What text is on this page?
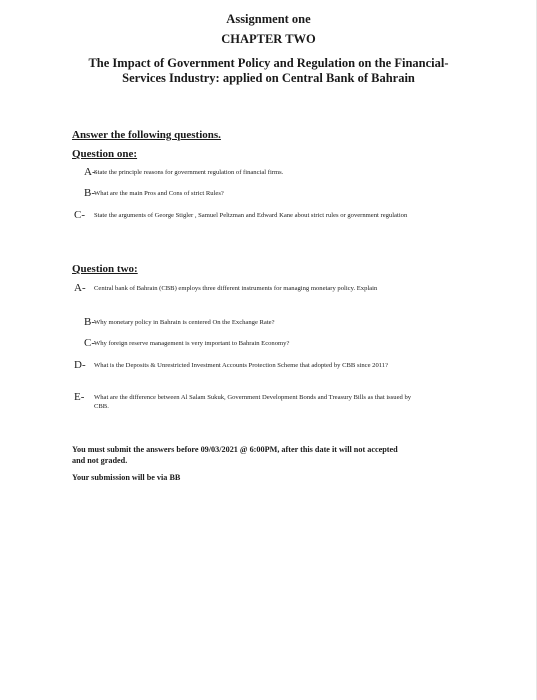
Assignment one
CHAPTER TWO
The Impact of Government Policy and Regulation on the Financial-Services Industry: applied on Central Bank of Bahrain
Answer the following questions.
Question one:
A-State the principle reasons for government regulation of financial firms.
B-What are the main Pros and Cons of strict Rules?
C- State the arguments of George Stigler , Samuel Peltzman and Edward Kane about strict rules or government regulation
Question two:
A- Central bank of Bahrain (CBB) employs three different instruments for managing monetary policy. Explain
B-Why monetary policy in Bahrain is centered On the Exchange Rate?
C-Why foreign reserve management is very important to Bahrain Economy?
D- What is the Deposits & Unrestricted Investment Accounts Protection Scheme that adopted by CBB since 2011?
E- What are the difference between Al Salam Sukuk, Government Development Bonds and Treasury Bills as that issued by CBB.
You must submit the answers before 09/03/2021 @ 6:00PM, after this date it will not accepted and not graded.
Your submission will be via BB
